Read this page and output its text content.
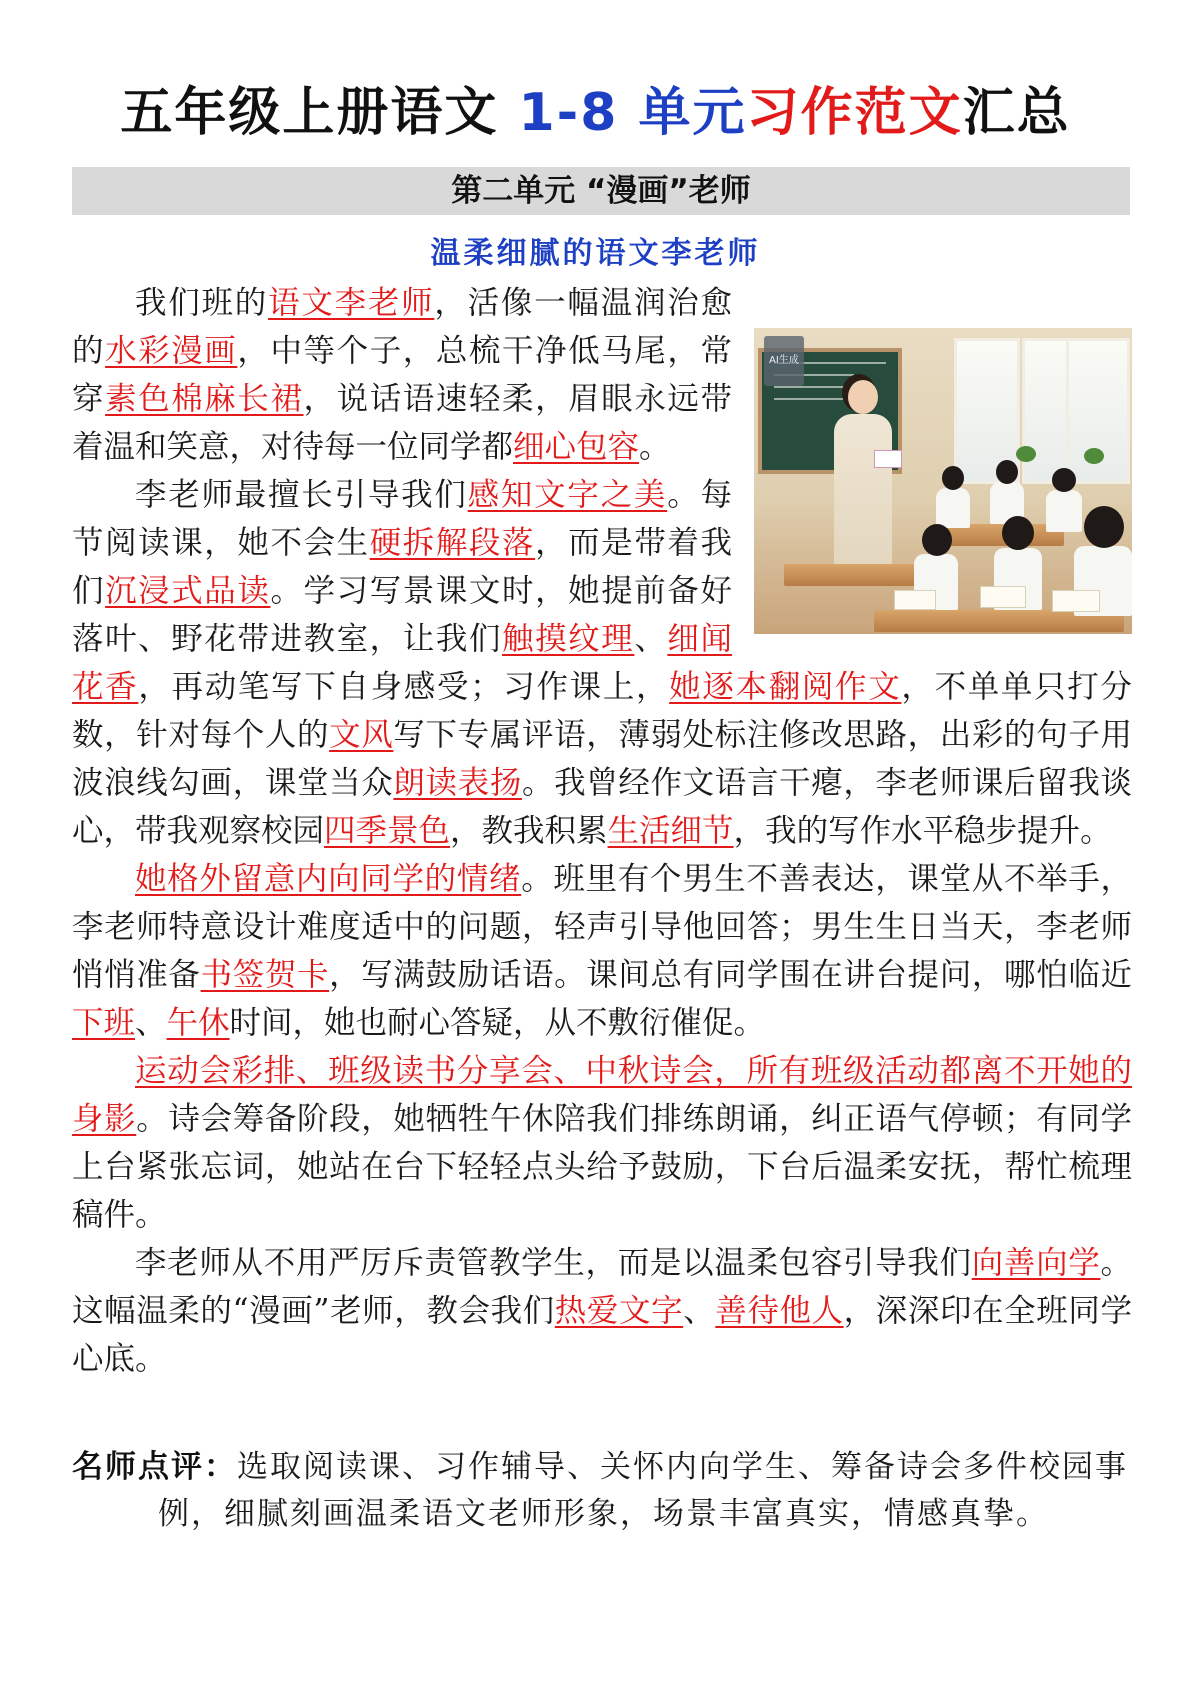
五年级上册语文 1-8 单元习作范文汇总
第二单元 “漫画”老师
温柔细腻的语文李老师
AI生成

我们班的语文李老师，活像一幅温润治愈的水彩漫画，中等个子，总梳干净低马尾，常穿素色棉麻长裙，说话语速轻柔，眉眼永远带着温和笑意，对待每一位同学都细心包容。

李老师最擅长引导我们感知文字之美。每节阅读课，她不会生硬拆解段落，而是带着我们沉浸式品读。学习写景课文时，她提前备好落叶、野花带进教室，让我们触摸纹理、细闻花香，再动笔写下自身感受；习作课上，她逐本翻阅作文，不单单只打分数，针对每个人的文风写下专属评语，薄弱处标注修改思路，出彩的句子用波浪线勾画，课堂当众朗读表扬。我曾经作文语言干瘪，李老师课后留我谈心，带我观察校园四季景色，教我积累生活细节，我的写作水平稳步提升。

她格外留意内向同学的情绪。班里有个男生不善表达，课堂从不举手，李老师特意设计难度适中的问题，轻声引导他回答；男生生日当天，李老师悄悄准备书签贺卡，写满鼓励话语。课间总有同学围在讲台提问，哪怕临近下班、午休时间，她也耐心答疑，从不敷衍催促。

运动会彩排、班级读书分享会、中秋诗会，所有班级活动都离不开她的身影。诗会筹备阶段，她牺牲午休陪我们排练朗诵，纠正语气停顿；有同学上台紧张忘词，她站在台下轻轻点头给予鼓励，下台后温柔安抚，帮忙梳理稿件。

李老师从不用严厉斥责管教学生，而是以温柔包容引导我们向善向学。这幅温柔的“漫画”老师，教会我们热爱文字、善待他人，深深印在全班同学心底。

名师点评：选取阅读课、习作辅导、关怀内向学生、筹备诗会多件校园事例，细腻刻画温柔语文老师形象，场景丰富真实，情感真挚。
